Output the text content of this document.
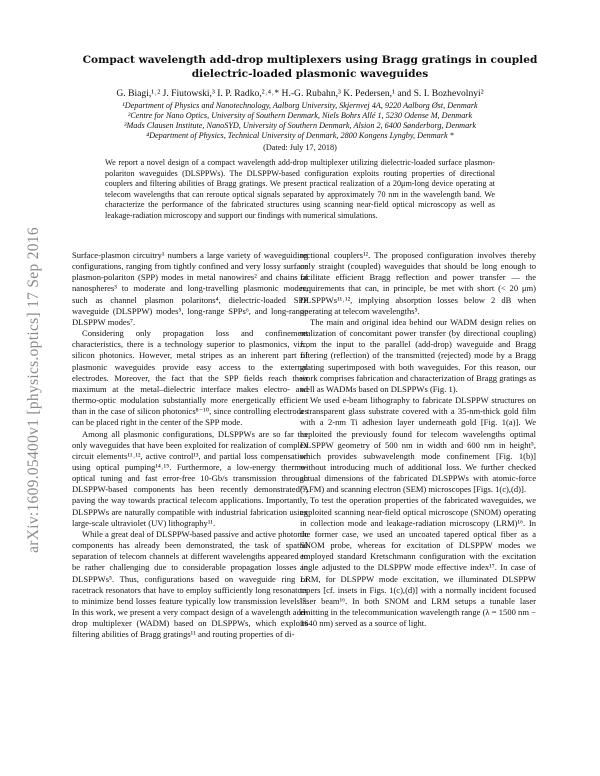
arXiv:1609.05400v1 [physics.optics] 17 Sep 2016
Compact wavelength add-drop multiplexers using Bragg gratings in coupled
dielectric-loaded plasmonic waveguides
G. Biagi,¹˒² J. Fiutowski,³ I. P. Radko,²˒⁴˒* H.-G. Rubahn,³ K. Pedersen,¹ and S. I. Bozhevolnyi²
¹Department of Physics and Nanotechnology, Aalborg University, Skjernvej 4A, 9220 Aalborg Øst, Denmark
²Centre for Nano Optics, University of Southern Denmark, Niels Bohrs Allé 1, 5230 Odense M, Denmark
³Mads Clausen Institute, NanoSYD, University of Southern Denmark, Alsion 2, 6400 Sønderborg, Denmark
⁴Department of Physics, Technical University of Denmark, 2800 Kongens Lyngby, Denmark *
(Dated: July 17, 2018)
We report a novel design of a compact wavelength add-drop multiplexer utilizing dielectric-loaded surface plasmon-polariton waveguides (DLSPPWs). The DLSPPW-based configuration exploits routing properties of directional couplers and filtering abilities of Bragg gratings. We present practical realization of a 20μm-long device operating at telecom wavelengths that can reroute optical signals separated by approximately 70 nm in the wavelength band. We characterize the performance of the fabricated structures using scanning near-field optical microscopy as well as leakage-radiation microscopy and support our findings with numerical simulations.

Surface-plasmon circuitry¹ numbers a large variety of waveguiding configurations, ranging from tightly confined and very lossy surface plasmon-polariton (SPP) modes in metal nanowires² and chains of nanospheres³ to moderate and long-travelling plasmonic modes, such as channel plasmon polaritons⁴, dielectric-loaded SPP waveguide (DLSPPW) modes⁵, long-range SPPs⁶, and long-range DLSPPW modes⁷.

Considering only propagation loss and confinement characteristics, there is a technology superior to plasmonics, viz., silicon photonics. However, metal stripes as an inherent part of plasmonic waveguides provide easy access to the external electrodes. Moreover, the fact that the SPP fields reach their maximum at the metal–dielectric interface makes electro- and thermo-optic modulation substantially more energetically efficient than in the case of silicon photonics⁸⁻¹⁰, since controlling electrodes can be placed right in the center of the SPP mode.

Among all plasmonic configurations, DLSPPWs are so far the only waveguides that have been exploited for realization of complex circuit elements¹¹˒¹², active control¹³, and partial loss compensation using optical pumping¹⁴˒¹⁵. Furthermore, a low-energy thermo-optical tuning and fast error-free 10-Gb/s transmission through DLSPPW-based components has been recently demonstrated¹⁰, paving the way towards practical telecom applications. Importantly, DLSPPWs are naturally compatible with industrial fabrication using large-scale ultraviolet (UV) lithography¹¹.

While a great deal of DLSPPW-based passive and active photonic components has already been demonstrated, the task of spatial separation of telecom channels at different wavelengths appeared to be rather challenging due to considerable propagation losses in DLSPPWs⁵. Thus, configurations based on waveguide ring or racetrack resonators that have to employ sufficiently long resonators to minimize bend losses feature typically low transmission levels¹⁰. In this work, we present a very compact design of a wavelength add-drop multiplexer (WADM) based on DLSPPWs, which exploits filtering abilities of Bragg gratings¹¹ and routing properties of di-

rectional couplers¹². The proposed configuration involves thereby only straight (coupled) waveguides that should be long enough to facilitate efficient Bragg reflection and power transfer — the requirements that can, in principle, be met with short (< 20 μm) DLSPPWs¹¹˒¹², implying absorption losses below 2 dB when operating at telecom wavelengths⁵.

The main and original idea behind our WADM design relies on realization of concomitant power transfer (by directional coupling) from the input to the parallel (add-drop) waveguide and Bragg filtering (reflection) of the transmitted (rejected) mode by a Bragg grating superimposed with both waveguides. For this reason, our work comprises fabrication and characterization of Bragg gratings as well as WADMs based on DLSPPWs (Fig. 1).

We used e-beam lithography to fabricate DLSPPW structures on a transparent glass substrate covered with a 35-nm-thick gold film with a 2-nm Ti adhesion layer underneath gold [Fig. 1(a)]. We exploited the previously found for telecom wavelengths optimal DLSPPW geometry of 500 nm in width and 600 nm in height⁵, which provides subwavelength mode confinement [Fig. 1(b)] without introducing much of additional loss. We further checked actual dimensions of the fabricated DLSPPWs with atomic-force (AFM) and scanning electron (SEM) microscopes [Figs. 1(c),(d)].

To test the operation properties of the fabricated waveguides, we exploited scanning near-field optical microscope (SNOM) operating in collection mode and leakage-radiation microscopy (LRM)¹⁶. In the former case, we used an uncoated tapered optical fiber as a SNOM probe, whereas for excitation of DLSPPW modes we employed standard Kretschmann configuration with the excitation angle adjusted to the DLSPPW mode effective index¹⁷. In case of LRM, for DLSPPW mode excitation, we illuminated DLSPPW tapers [cf. insets in Figs. 1(c),(d)] with a normally incident focused laser beam¹⁶. In both SNOM and LRM setups a tunable laser emitting in the telecommunication wavelength range (λ = 1500 nm − 1640 nm) served as a source of light.
